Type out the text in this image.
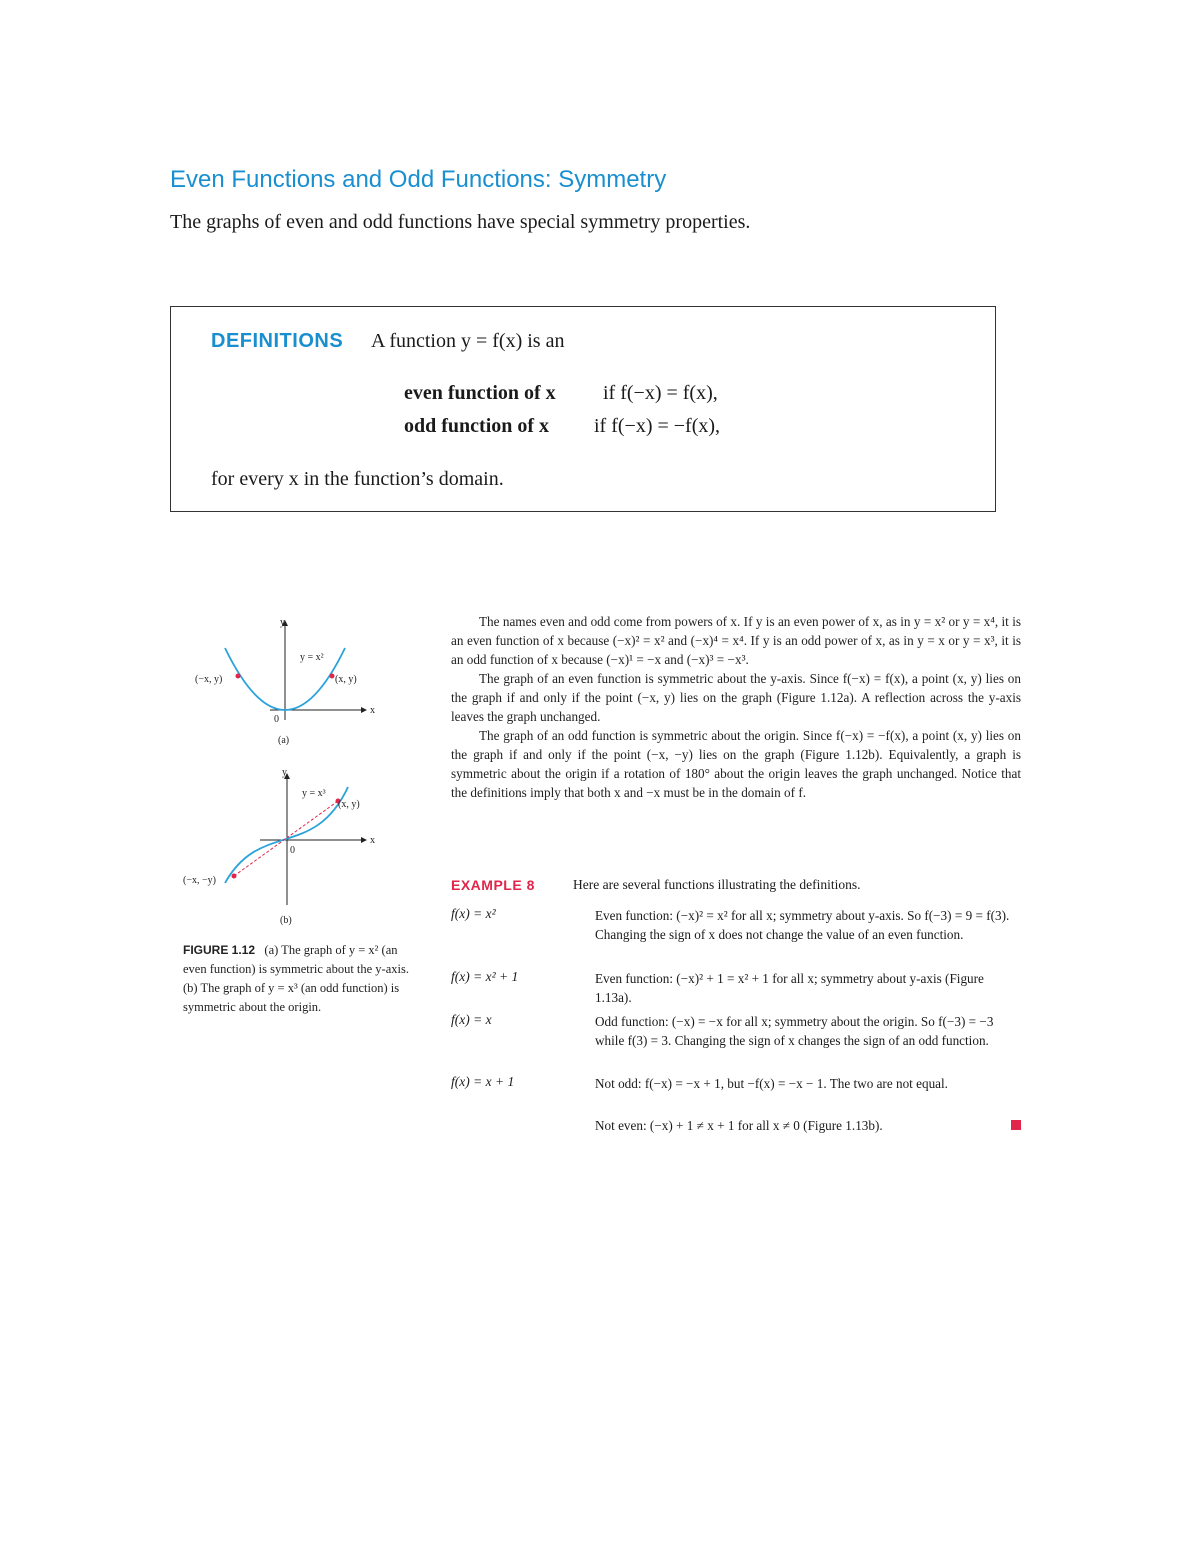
Even Functions and Odd Functions: Symmetry
The graphs of even and odd functions have special symmetry properties.
DEFINITIONS A function y = f(x) is an
even function of x if f(−x) = f(x),
odd function of x if f(−x) = −f(x),
for every x in the function’s domain.
y
x
y = x²
(−x, y)	(x, y)
0
(a)
y
x
y = x³
(x, y)
(−x, −y)
0
(b)
FIGURE 1.12 (a) The graph of y = x² (an even function) is symmetric about the y-axis. (b) The graph of y = x³ (an odd function) is symmetric about the origin.

The names even and odd come from powers of x. If y is an even power of x, as in y = x² or y = x⁴, it is an even function of x because (−x)² = x² and (−x)⁴ = x⁴. If y is an odd power of x, as in y = x or y = x³, it is an odd function of x because (−x)¹ = −x and (−x)³ = −x³.

The graph of an even function is symmetric about the y-axis. Since f(−x) = f(x), a point (x, y) lies on the graph if and only if the point (−x, y) lies on the graph (Figure 1.12a). A reflection across the y-axis leaves the graph unchanged.

The graph of an odd function is symmetric about the origin. Since f(−x) = −f(x), a point (x, y) lies on the graph if and only if the point (−x, −y) lies on the graph (Figure 1.12b). Equivalently, a graph is symmetric about the origin if a rotation of 180° about the origin leaves the graph unchanged. Notice that the definitions imply that both x and −x must be in the domain of f.

EXAMPLE 8	Here are several functions illustrating the definitions.
f(x) = x²	Even function: (−x)² = x² for all x; symmetry about y-axis. So f(−3) = 9 = f(3). Changing the sign of x does not change the value of an even function.
f(x) = x² + 1	Even function: (−x)² + 1 = x² + 1 for all x; symmetry about y-axis (Figure 1.13a).
f(x) = x	Odd function: (−x) = −x for all x; symmetry about the origin. So f(−3) = −3 while f(3) = 3. Changing the sign of x changes the sign of an odd function.
f(x) = x + 1	Not odd: f(−x) = −x + 1, but −f(x) = −x − 1. The two are not equal.
Not even: (−x) + 1 ≠ x + 1 for all x ≠ 0 (Figure 1.13b).
